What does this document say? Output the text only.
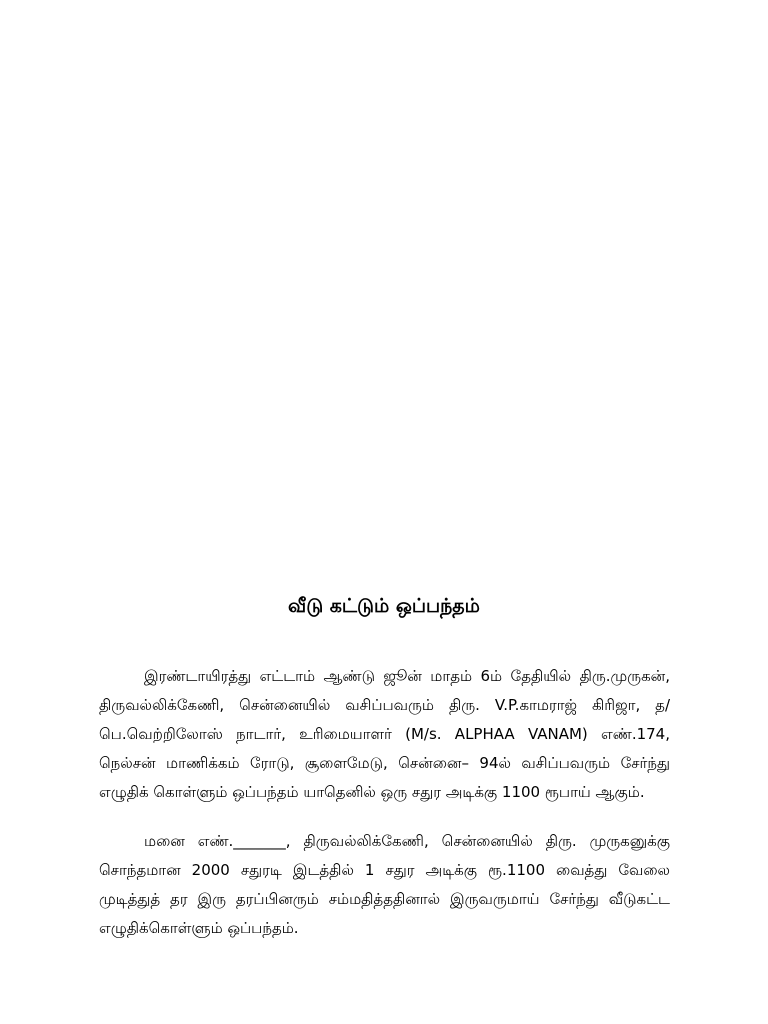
வீடு கட்டும் ஒப்பந்தம்

இரண்டாயிரத்து எட்டாம் ஆண்டு ஜூன் மாதம் 6ம் தேதியில் திரு.முருகன், திருவல்லிக்கேணி, சென்னையில் வசிப்பவரும் திரு. V.P.காமராஜ் கிரிஜா, த/பெ.வெற்றிலோஸ் நாடார், உரிமையாளர் (M/s. ALPHAA VANAM) எண்.174, நெல்சன் மாணிக்கம் ரோடு, சூளைமேடு, சென்னை– 94ல் வசிப்பவரும் சேர்ந்து எழுதிக் கொள்ளும் ஒப்பந்தம் யாதெனில் ஒரு சதுர அடிக்கு 1100 ரூபாய் ஆகும்.

மனை எண்._______, திருவல்லிக்கேணி, சென்னையில் திரு. முருகனுக்கு சொந்தமான 2000 சதுரடி இடத்தில் 1 சதுர அடிக்கு ரூ.1100 வைத்து வேலை முடித்துத் தர இரு தரப்பினரும் சம்மதித்ததினால் இருவருமாய் சேர்ந்து வீடுகட்ட எழுதிக்கொள்ளும் ஒப்பந்தம்.
